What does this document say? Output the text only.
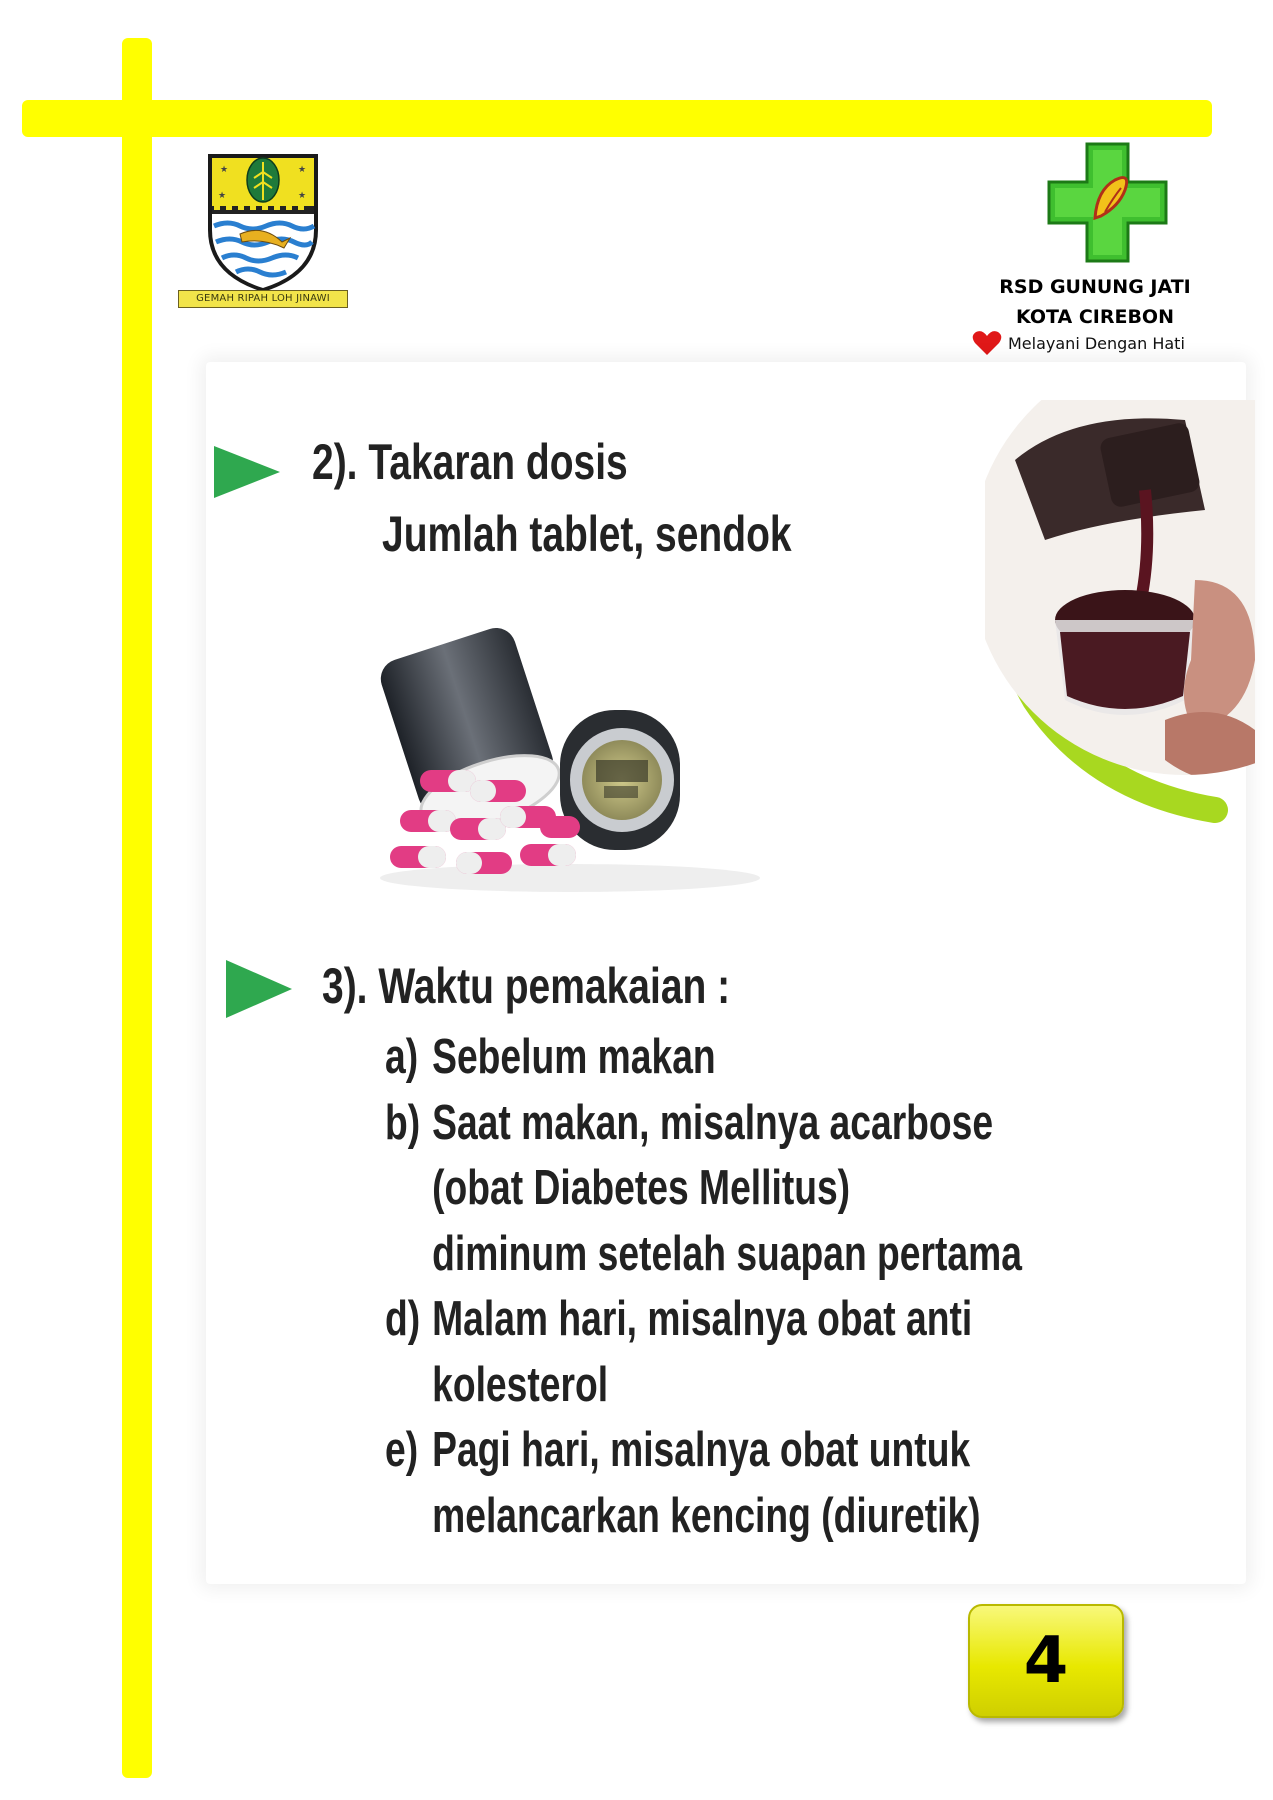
★	★
★	★
GEMAH RIPAH LOH JINAWI
RSD GUNUNG JATI
KOTA CIREBON
Melayani Dengan Hati
2). Takaran dosis
Jumlah tablet, sendok
3). Waktu pemakaian :
a) Sebelum makan
b) Saat makan, misalnya acarbose
(obat Diabetes Mellitus)
diminum setelah suapan pertama
d) Malam hari, misalnya obat anti
kolesterol
e) Pagi hari, misalnya obat untuk
melancarkan kencing (diuretik)
4
